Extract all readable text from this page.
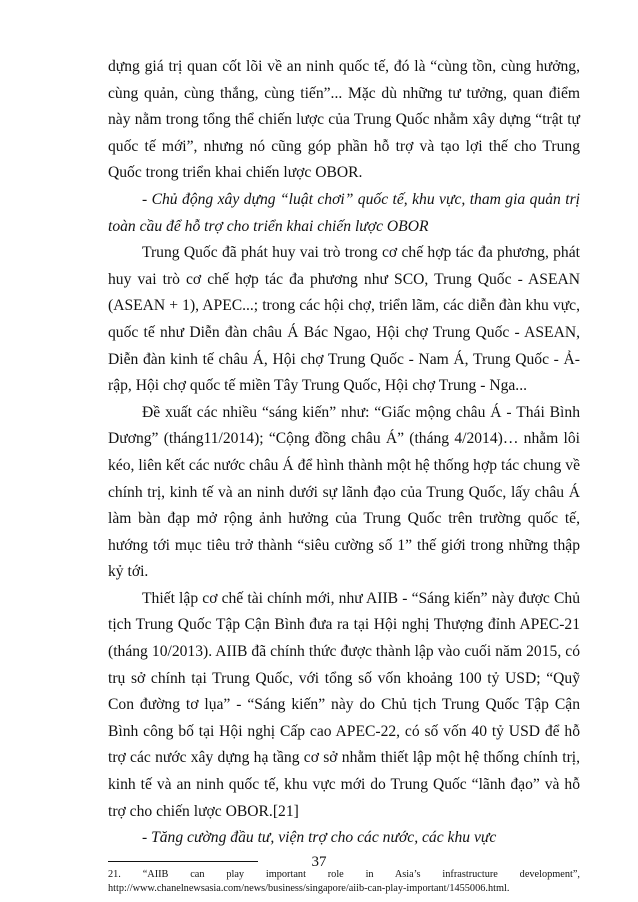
dựng giá trị quan cốt lõi về an ninh quốc tế, đó là “cùng tồn, cùng hưởng, cùng quản, cùng thắng, cùng tiến”... Mặc dù những tư tưởng, quan điểm này nằm trong tổng thể chiến lược của Trung Quốc nhằm xây dựng “trật tự quốc tế mới”, nhưng nó cũng góp phần hỗ trợ và tạo lợi thế cho Trung Quốc trong triển khai chiến lược OBOR.

- Chủ động xây dựng “luật chơi” quốc tế, khu vực, tham gia quản trị toàn cầu để hỗ trợ cho triển khai chiến lược OBOR

Trung Quốc đã phát huy vai trò trong cơ chế hợp tác đa phương, phát huy vai trò cơ chế hợp tác đa phương như SCO, Trung Quốc - ASEAN (ASEAN + 1), APEC...; trong các hội chợ, triển lãm, các diễn đàn khu vực, quốc tế như Diễn đàn châu Á Bác Ngao, Hội chợ Trung Quốc - ASEAN, Diễn đàn kinh tế châu Á, Hội chợ Trung Quốc - Nam Á, Trung Quốc - Ả-rập, Hội chợ quốc tế miền Tây Trung Quốc, Hội chợ Trung - Nga...

Đề xuất các nhiều “sáng kiến” như: “Giấc mộng châu Á - Thái Bình Dương” (tháng11/2014); “Cộng đồng châu Á” (tháng 4/2014)… nhằm lôi kéo, liên kết các nước châu Á để hình thành một hệ thống hợp tác chung về chính trị, kinh tế và an ninh dưới sự lãnh đạo của Trung Quốc, lấy châu Á làm bàn đạp mở rộng ảnh hưởng của Trung Quốc trên trường quốc tế, hướng tới mục tiêu trở thành “siêu cường số 1” thế giới trong những thập kỷ tới.

Thiết lập cơ chế tài chính mới, như AIIB - “Sáng kiến” này được Chủ tịch Trung Quốc Tập Cận Bình đưa ra tại Hội nghị Thượng đỉnh APEC-21 (tháng 10/2013). AIIB đã chính thức được thành lập vào cuối năm 2015, có trụ sở chính tại Trung Quốc, với tổng số vốn khoảng 100 tỷ USD; “Quỹ Con đường tơ lụa” - “Sáng kiến” này do Chủ tịch Trung Quốc Tập Cận Bình công bố tại Hội nghị Cấp cao APEC-22, có số vốn 40 tỷ USD để hỗ trợ các nước xây dựng hạ tầng cơ sở nhằm thiết lập một hệ thống chính trị, kinh tế và an ninh quốc tế, khu vực mới do Trung Quốc “lãnh đạo” và hỗ trợ cho chiến lược OBOR.[21]

- Tăng cường đầu tư, viện trợ cho các nước, các khu vực

21. “AIIB can play important role in Asia’s infrastructure development”,
http://www.chanelnewsasia.com/news/business/singapore/aiib-can-play-important/1455006.html.

37
